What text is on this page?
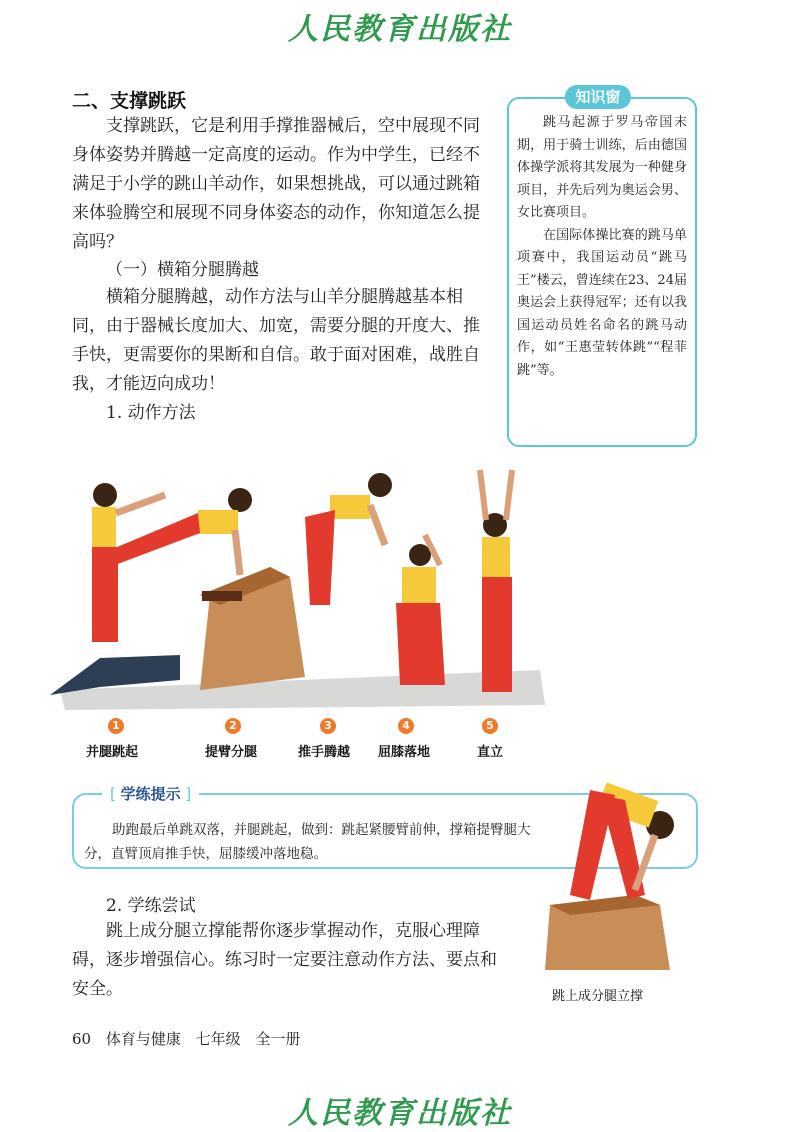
人民教育出版社
二、支撑跳跃
支撑跳跃，它是利用手撑推器械后，空中展现不同身体姿势并腾越一定高度的运动。作为中学生，已经不满足于小学的跳山羊动作，如果想挑战，可以通过跳箱来体验腾空和展现不同身体姿态的动作，你知道怎么提高吗？
（一）横箱分腿腾越
横箱分腿腾越，动作方法与山羊分腿腾越基本相同，由于器械长度加大、加宽，需要分腿的开度大、推手快，更需要你的果断和自信。敢于面对困难，战胜自我，才能迈向成功！
1. 动作方法
知识窗

跳马起源于罗马帝国末期，用于骑士训练，后由德国体操学派将其发展为一种健身项目，并先后列为奥运会男、女比赛项目。

在国际体操比赛的跳马单项赛中，我国运动员“跳马王”楼云，曾连续在23、24届奥运会上获得冠军；还有以我国运动员姓名命名的跳马动作，如“王惠莹转体跳”“程菲跳”等。

1
并腿跳起
2
提臂分腿
3
推手腾越
4
屈膝落地
5
直立
[ 学练提示 ]
助跑最后单跳双落，并腿跳起，做到：跳起紧腰臂前伸，撑箱提臀腿大分，直臂顶肩推手快，屈膝缓冲落地稳。
跳上成分腿立撑
2. 学练尝试
跳上成分腿立撑能帮你逐步掌握动作，克服心理障碍，逐步增强信心。练习时一定要注意动作方法、要点和安全。
60 体育与健康 七年级 全一册
人民教育出版社
